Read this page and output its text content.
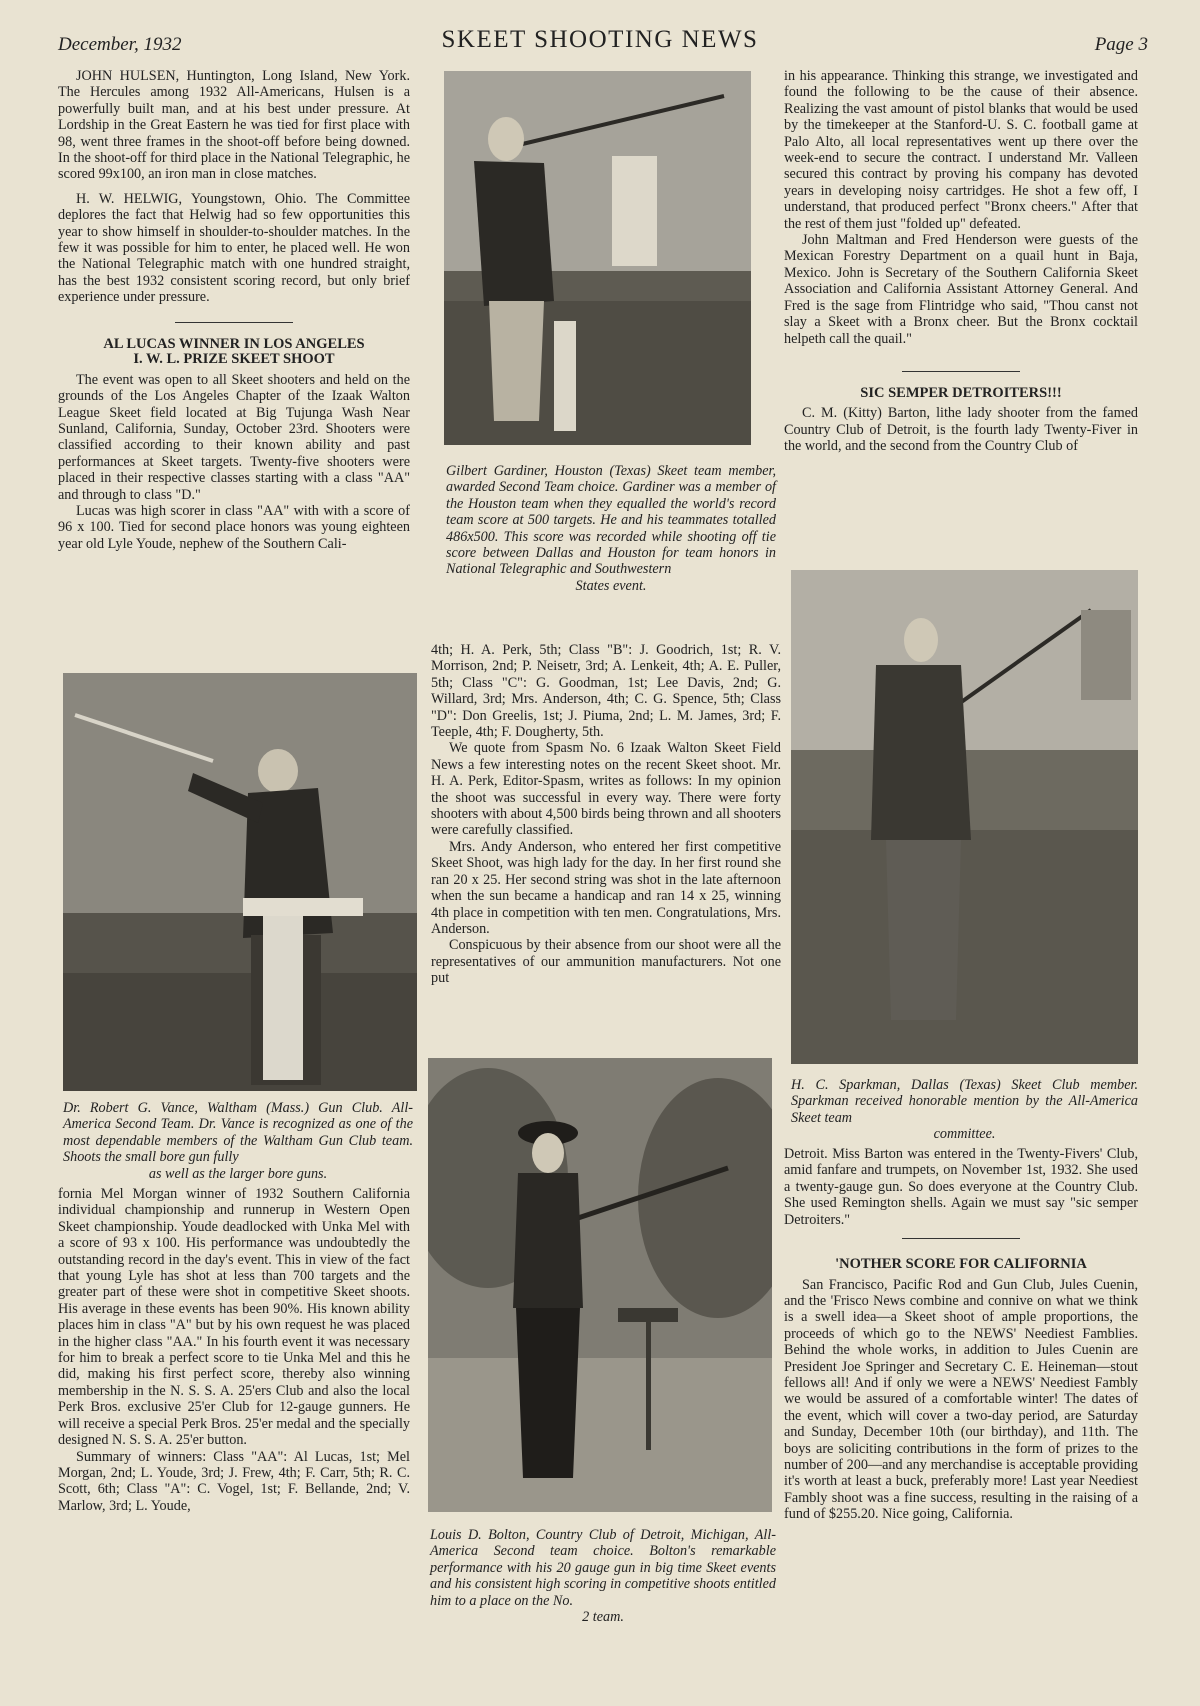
December, 1932	SKEET SHOOTING NEWS	Page 3

JOHN HULSEN, Huntington, Long Island, New York. The Hercules among 1932 All-Americans, Hulsen is a powerfully built man, and at his best under pressure. At Lordship in the Great Eastern he was tied for first place with 98, went three frames in the shoot-off before being downed. In the shoot-off for third place in the National Telegraphic, he scored 99x100, an iron man in close matches.

H. W. HELWIG, Youngstown, Ohio. The Committee deplores the fact that Helwig had so few opportunities this year to show himself in shoulder-to-shoulder matches. In the few it was possible for him to enter, he placed well. He won the National Telegraphic match with one hundred straight, has the best 1932 consistent scoring record, but only brief experience under pressure.

AL LUCAS WINNER IN LOS ANGELES

I. W. L. PRIZE SKEET SHOOT

The event was open to all Skeet shooters and held on the grounds of the Los Angeles Chapter of the Izaak Walton League Skeet field located at Big Tujunga Wash Near Sunland, California, Sunday, October 23rd. Shooters were classified according to their known ability and past performances at Skeet targets. Twenty-five shooters were placed in their respective classes starting with a class "AA" and through to class "D."

Lucas was high scorer in class "AA" with with a score of 96 x 100. Tied for second place honors was young eighteen year old Lyle Youde, nephew of the Southern Cali-

Dr. Robert G. Vance, Waltham (Mass.) Gun Club. All-America Second Team. Dr. Vance is recognized as one of the most dependable members of the Waltham Gun Club team. Shoots the small bore gun fully
as well as the larger bore guns.

fornia Mel Morgan winner of 1932 Southern California individual championship and runnerup in Western Open Skeet championship. Youde deadlocked with Unka Mel with a score of 93 x 100. His performance was undoubtedly the outstanding record in the day's event. This in view of the fact that young Lyle has shot at less than 700 targets and the greater part of these were shot in competitive Skeet shoots. His average in these events has been 90%. His known ability places him in class "A" but by his own request he was placed in the higher class "AA." In his fourth event it was necessary for him to break a perfect score to tie Unka Mel and this he did, making his first perfect score, thereby also winning membership in the N. S. S. A. 25'ers Club and also the local Perk Bros. exclusive 25'er Club for 12-gauge gunners. He will receive a special Perk Bros. 25'er medal and the specially designed N. S. S. A. 25'er button.

Summary of winners: Class "AA": Al Lucas, 1st; Mel Morgan, 2nd; L. Youde, 3rd; J. Frew, 4th; F. Carr, 5th; R. C. Scott, 6th; Class "A": C. Vogel, 1st; F. Bellande, 2nd; V. Marlow, 3rd; L. Youde,

Gilbert Gardiner, Houston (Texas) Skeet team member, awarded Second Team choice. Gardiner was a member of the Houston team when they equalled the world's record team score at 500 targets. He and his teammates totalled 486x500. This score was recorded while shooting off tie score between Dallas and Houston for team honors in National Telegraphic and Southwestern
States event.

4th; H. A. Perk, 5th; Class "B": J. Goodrich, 1st; R. V. Morrison, 2nd; P. Neisetr, 3rd; A. Lenkeit, 4th; A. E. Puller, 5th; Class "C": G. Goodman, 1st; Lee Davis, 2nd; G. Willard, 3rd; Mrs. Anderson, 4th; C. G. Spence, 5th; Class "D": Don Greelis, 1st; J. Piuma, 2nd; L. M. James, 3rd; F. Teeple, 4th; F. Dougherty, 5th.

We quote from Spasm No. 6 Izaak Walton Skeet Field News a few interesting notes on the recent Skeet shoot. Mr. H. A. Perk, Editor-Spasm, writes as follows: In my opinion the shoot was successful in every way. There were forty shooters with about 4,500 birds being thrown and all shooters were carefully classified.

Mrs. Andy Anderson, who entered her first competitive Skeet Shoot, was high lady for the day. In her first round she ran 20 x 25. Her second string was shot in the late afternoon when the sun became a handicap and ran 14 x 25, winning 4th place in competition with ten men. Congratulations, Mrs. Anderson.

Conspicuous by their absence from our shoot were all the representatives of our ammunition manufacturers. Not one put

Louis D. Bolton, Country Club of Detroit, Michigan, All-America Second team choice. Bolton's remarkable performance with his 20 gauge gun in big time Skeet events and his consistent high scoring in competitive shoots entitled him to a place on the No.
2 team.

in his appearance. Thinking this strange, we investigated and found the following to be the cause of their absence. Realizing the vast amount of pistol blanks that would be used by the timekeeper at the Stanford-U. S. C. football game at Palo Alto, all local representatives went up there over the week-end to secure the contract. I understand Mr. Valleen secured this contract by proving his company has devoted years in developing noisy cartridges. He shot a few off, I understand, that produced perfect "Bronx cheers." After that the rest of them just "folded up" defeated.

John Maltman and Fred Henderson were guests of the Mexican Forestry Department on a quail hunt in Baja, Mexico. John is Secretary of the Southern California Skeet Association and California Assistant Attorney General. And Fred is the sage from Flintridge who said, "Thou canst not slay a Skeet with a Bronx cheer. But the Bronx cocktail helpeth call the quail."

SIC SEMPER DETROITERS!!!

C. M. (Kitty) Barton, lithe lady shooter from the famed Country Club of Detroit, is the fourth lady Twenty-Fiver in the world, and the second from the Country Club of

H. C. Sparkman, Dallas (Texas) Skeet Club member. Sparkman received honorable mention by the All-America Skeet team
committee.

Detroit. Miss Barton was entered in the Twenty-Fivers' Club, amid fanfare and trumpets, on November 1st, 1932. She used a twenty-gauge gun. So does everyone at the Country Club. She used Remington shells. Again we must say "sic semper Detroiters."

'NOTHER SCORE FOR CALIFORNIA

San Francisco, Pacific Rod and Gun Club, Jules Cuenin, and the 'Frisco News combine and connive on what we think is a swell idea—a Skeet shoot of ample proportions, the proceeds of which go to the NEWS' Neediest Famblies. Behind the whole works, in addition to Jules Cuenin are President Joe Springer and Secretary C. E. Heineman—stout fellows all! And if only we were a NEWS' Neediest Fambly we would be assured of a comfortable winter! The dates of the event, which will cover a two-day period, are Saturday and Sunday, December 10th (our birthday), and 11th. The boys are soliciting contributions in the form of prizes to the number of 200—and any merchandise is acceptable providing it's worth at least a buck, preferably more! Last year Neediest Fambly shoot was a fine success, resulting in the raising of a fund of $255.20. Nice going, California.
